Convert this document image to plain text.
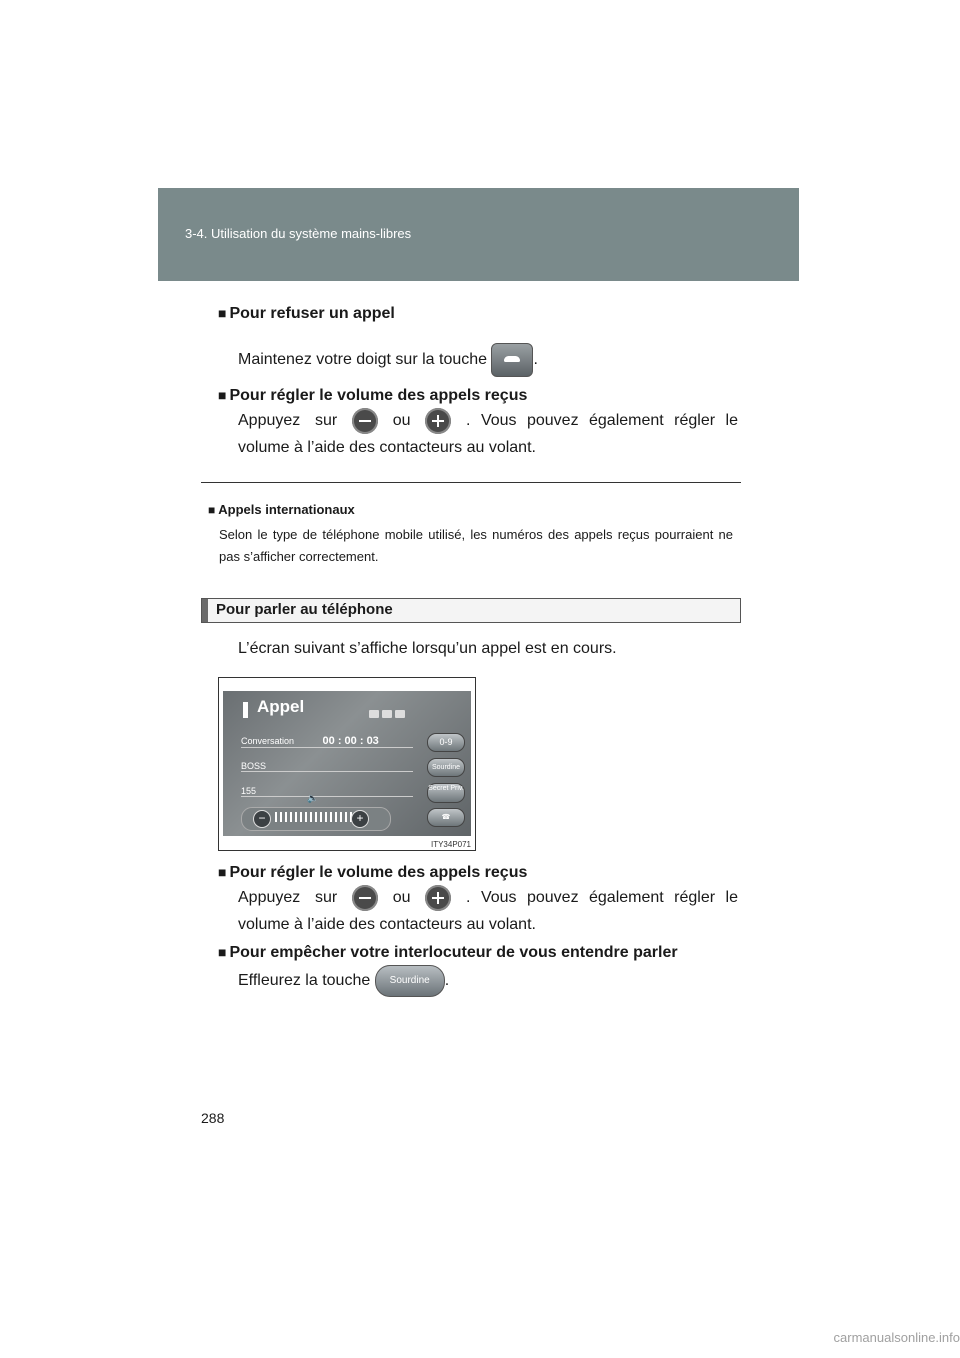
3-4. Utilisation du système mains-libres
■ Pour refuser un appel
Maintenez votre doigt sur la touche	.
■ Pour régler le volume des appels reçus
Appuyez sur	ou	. Vous pouvez également régler le
volume à l’aide des contacteurs au volant.
■ Appels internationaux
Selon le type de téléphone mobile utilisé, les numéros des appels reçus pourraient ne pas s’afficher correctement.
Pour parler au téléphone
L’écran suivant s’affiche lorsqu’un appel est en cours.
Appel
Conversation	00 : 00 : 03
BOSS
155
0-9
Sourdine
Secret Priv.
☎
🔈
−	+
ITY34P071
■ Pour régler le volume des appels reçus
Appuyez sur	ou	. Vous pouvez également régler le
volume à l’aide des contacteurs au volant.
■ Pour empêcher votre interlocuteur de vous entendre parler
Effleurez la touche Sourdine .
288
carmanualsonline.info
